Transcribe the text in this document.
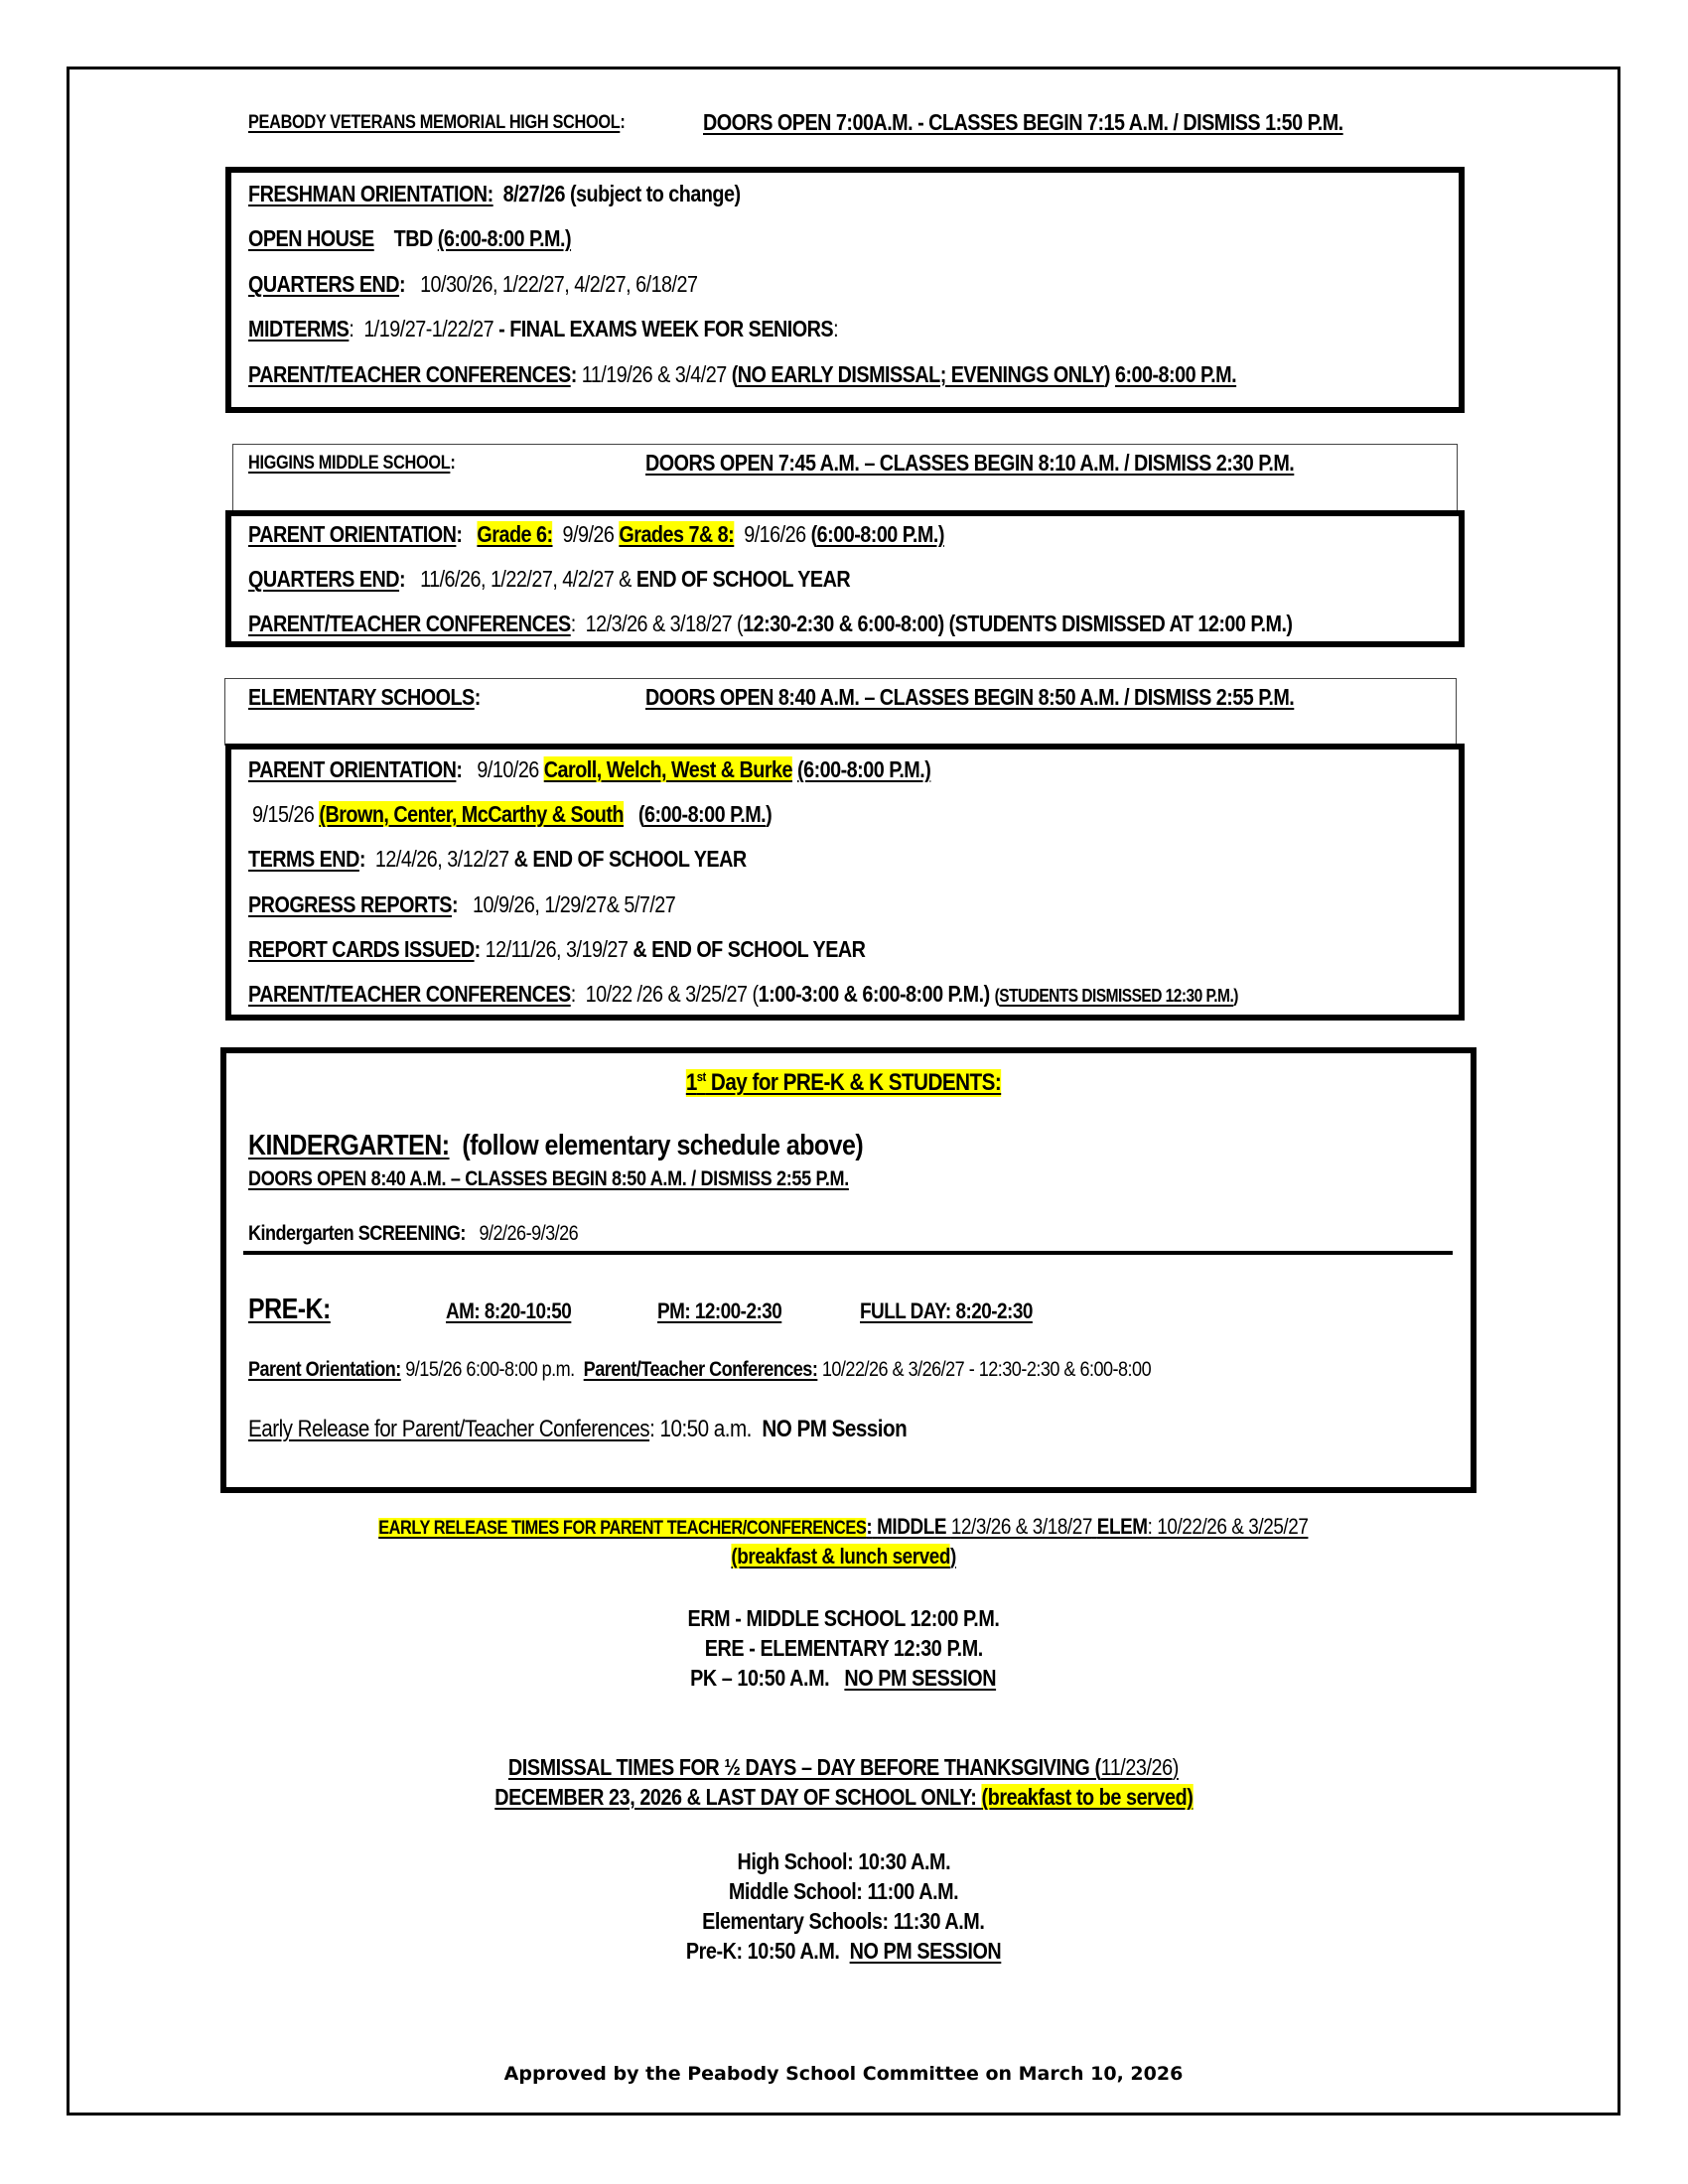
PEABODY VETERANS MEMORIAL HIGH SCHOOL:	DOORS OPEN 7:00A.M. - CLASSES BEGIN 7:15 A.M. / DISMISS 1:50 P.M.
FRESHMAN ORIENTATION: 8/27/26 (subject to change)
OPEN HOUSE TBD (6:00-8:00 P.M.)
QUARTERS END: 10/30/26, 1/22/27, 4/2/27, 6/18/27
MIDTERMS: 1/19/27-1/22/27 - FINAL EXAMS WEEK FOR SENIORS:
PARENT/TEACHER CONFERENCES: 11/19/26 & 3/4/27 (NO EARLY DISMISSAL; EVENINGS ONLY) 6:00-8:00 P.M.
HIGGINS MIDDLE SCHOOL:	DOORS OPEN 7:45 A.M. – CLASSES BEGIN 8:10 A.M. / DISMISS 2:30 P.M.
PARENT ORIENTATION: Grade 6: 9/9/26 Grades 7& 8: 9/16/26 (6:00-8:00 P.M.)
QUARTERS END: 11/6/26, 1/22/27, 4/2/27 & END OF SCHOOL YEAR
PARENT/TEACHER CONFERENCES: 12/3/26 & 3/18/27 (12:30-2:30 & 6:00-8:00) (STUDENTS DISMISSED AT 12:00 P.M.)
ELEMENTARY SCHOOLS:	DOORS OPEN 8:40 A.M. – CLASSES BEGIN 8:50 A.M. / DISMISS 2:55 P.M.
PARENT ORIENTATION: 9/10/26 Caroll, Welch, West & Burke (6:00-8:00 P.M.)
9/15/26 (Brown, Center, McCarthy & South (6:00-8:00 P.M.)
TERMS END: 12/4/26, 3/12/27 & END OF SCHOOL YEAR
PROGRESS REPORTS: 10/9/26, 1/29/27& 5/7/27
REPORT CARDS ISSUED: 12/11/26, 3/19/27 & END OF SCHOOL YEAR
PARENT/TEACHER CONFERENCES: 10/22 /26 & 3/25/27 (1:00-3:00 & 6:00-8:00 P.M.) (STUDENTS DISMISSED 12:30 P.M.)
1st Day for PRE-K & K STUDENTS:
KINDERGARTEN: (follow elementary schedule above)
DOORS OPEN 8:40 A.M. – CLASSES BEGIN 8:50 A.M. / DISMISS 2:55 P.M.
Kindergarten SCREENING: 9/2/26-9/3/26
PRE-K:	AM: 8:20-10:50	PM: 12:00-2:30	FULL DAY: 8:20-2:30
Parent Orientation: 9/15/26 6:00-8:00 p.m. Parent/Teacher Conferences: 10/22/26 & 3/26/27 - 12:30-2:30 & 6:00-8:00
Early Release for Parent/Teacher Conferences: 10:50 a.m. NO PM Session
EARLY RELEASE TIMES FOR PARENT TEACHER/CONFERENCES: MIDDLE 12/3/26 & 3/18/27 ELEM: 10/22/26 & 3/25/27
(breakfast & lunch served)
ERM - MIDDLE SCHOOL 12:00 P.M.
ERE - ELEMENTARY 12:30 P.M.
PK – 10:50 A.M. NO PM SESSION
DISMISSAL TIMES FOR ½ DAYS – DAY BEFORE THANKSGIVING (11/23/26)
DECEMBER 23, 2026 & LAST DAY OF SCHOOL ONLY: (breakfast to be served)
High School: 10:30 A.M.
Middle School: 11:00 A.M.
Elementary Schools: 11:30 A.M.
Pre-K: 10:50 A.M. NO PM SESSION
Approved by the Peabody School Committee on March 10, 2026
